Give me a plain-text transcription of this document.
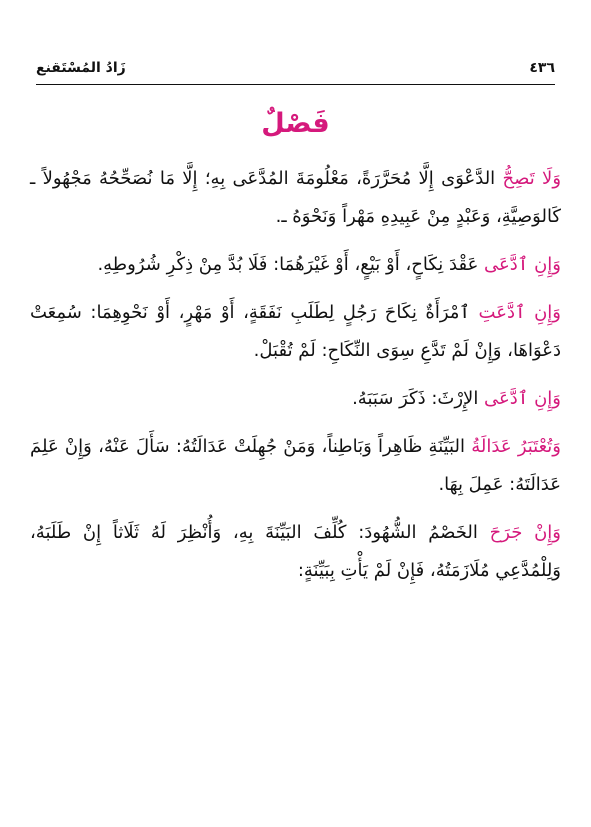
٤٣٦
زَادُ المُسْتَقنع
فَصْلٌ

وَلَا تَصِحُّ الدَّعْوَى إِلَّا مُحَرَّرَةً، مَعْلُومَةَ المُدَّعَى بِهِ؛ إِلَّا مَا نُصَحِّحُهُ مَجْهُولاً ـ كَالوَصِيَّةِ، وَعَبْدٍ مِنْ عَبِيدِهِ مَهْراً وَنَحْوَهُ ـ.

وَإِنِ ٱدَّعَى عَقْدَ نِكَاحٍ، أَوْ بَيْعٍ، أَوْ غَيْرَهُمَا: فَلَا بُدَّ مِنْ ذِكْرِ شُرُوطِهِ.

وَإِنِ ٱدَّعَتِ ٱمْرَأَةٌ نِكَاحَ رَجُلٍ لِطَلَبِ نَفَقَةٍ، أَوْ مَهْرٍ، أَوْ نَحْوِهِمَا: سُمِعَتْ دَعْوَاهَا، وَإِنْ لَمْ تَدَّعِ سِوَى النِّكَاحِ: لَمْ تُقْبَلْ.

وَإِنِ ٱدَّعَى الإِرْثَ: ذَكَرَ سَبَبَهُ.

وَتُعْتَبَرُ عَدَالَةُ البَيِّنَةِ ظَاهِراً وَبَاطِناً، وَمَنْ جُهِلَتْ عَدَالَتُهُ: سَأَلَ عَنْهُ، وَإِنْ عَلِمَ عَدَالَتَهُ: عَمِلَ بِهَا.

وَإِنْ جَرَحَ الخَصْمُ الشُّهُودَ: كُلِّفَ البَيِّنَةَ بِهِ، وَأُنْظِرَ لَهُ ثَلَاثاً إِنْ طَلَبَهُ، وَلِلْمُدَّعِي مُلَازَمَتُهُ، فَإِنْ لَمْ يَأْتِ بِبَيِّنَةٍ:
